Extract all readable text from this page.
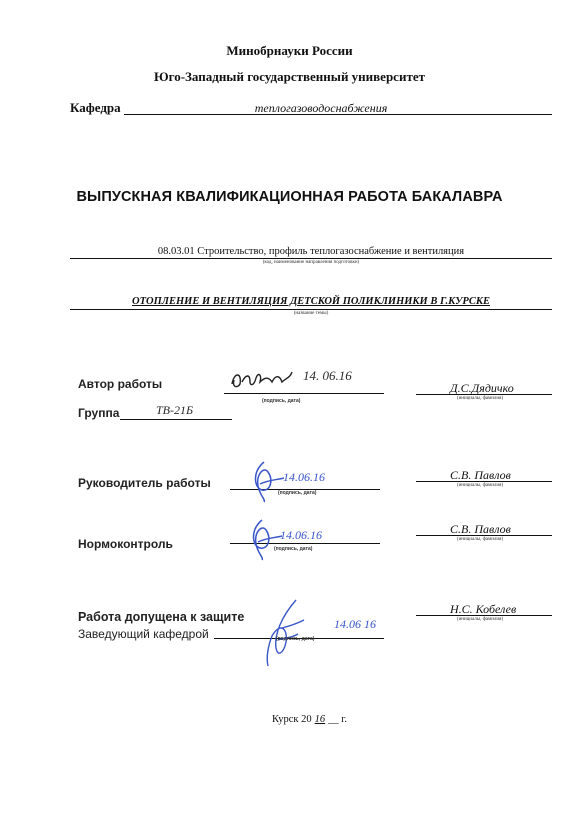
Минобрнауки России
Юго-Западный государственный университет
Кафедра	теплогазоводоснабжения
ВЫПУСКНАЯ КВАЛИФИКАЦИОННАЯ РАБОТА БАКАЛАВРА
08.03.01 Строительство, профиль теплогазоснабжение и вентиляция
(код, наименование направления подготовки)
ОТОПЛЕНИЕ И ВЕНТИЛЯЦИЯ ДЕТСКОЙ ПОЛИКЛИНИКИ В Г.КУРСКЕ
(название темы)
Автор работы
14. 06.16
(подпись, дата)
Д.С.Дядичко
(инициалы, фамилия)
Группа	ТВ-21Б
Руководитель работы	14.06.16
(подпись, дата)
С.В. Павлов
(инициалы, фамилия)
Нормоконтроль
14.06.16
(подпись, дата)
С.В. Павлов
(инициалы, фамилия)
Работа допущена к защите
Заведующий кафедрой
14.06 16
(подпись, дата)
Н.С. Кобелев
(инициалы, фамилия)
Курск 20 16 __ г.
